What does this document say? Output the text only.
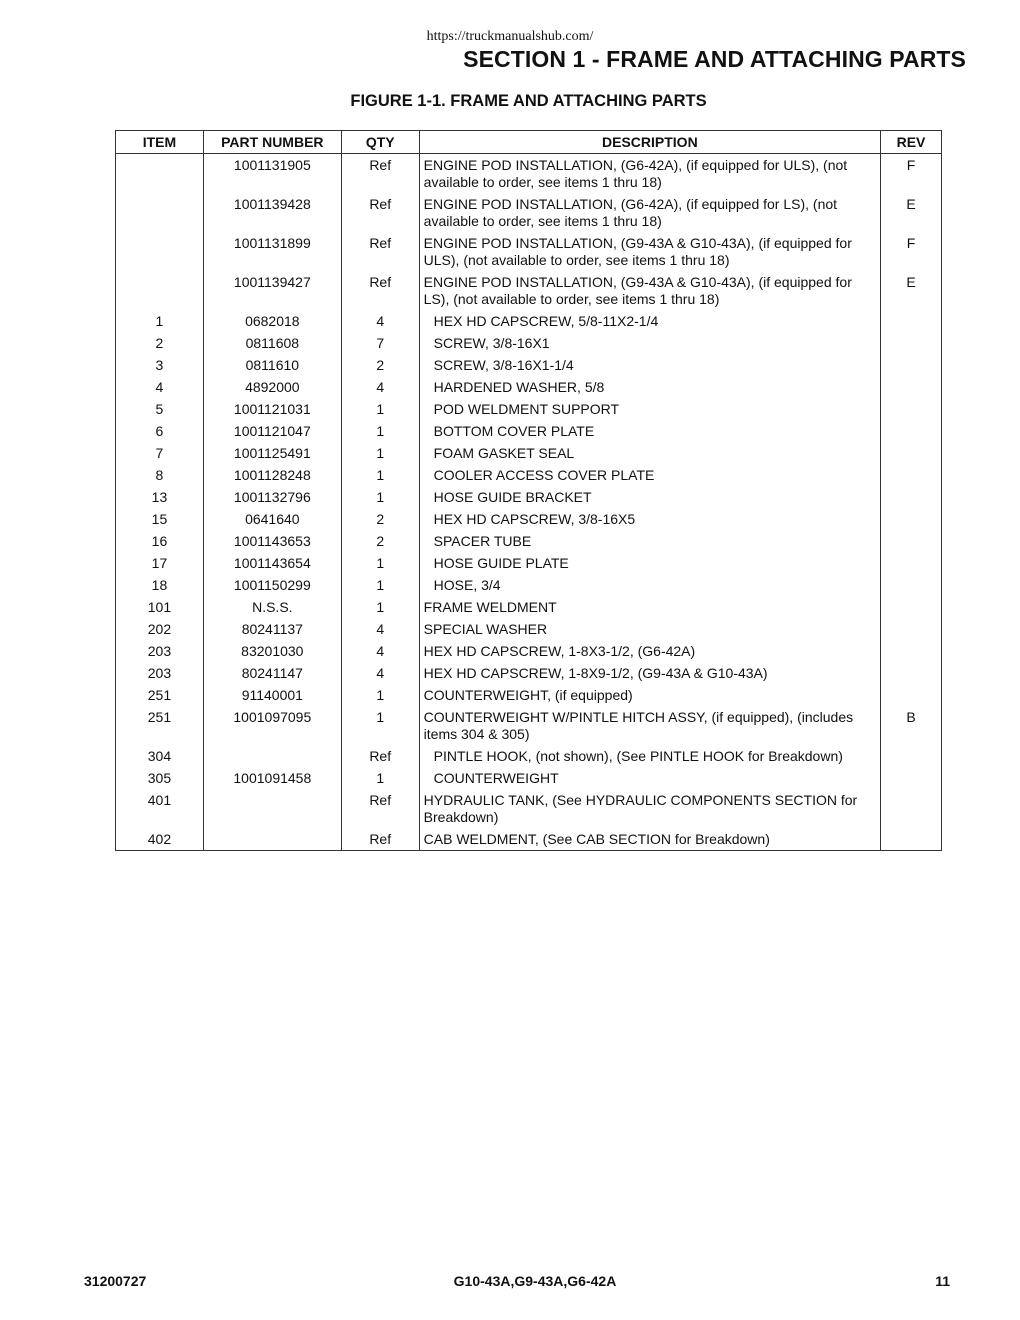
https://truckmanualshub.com/
SECTION 1 - FRAME AND ATTACHING PARTS
FIGURE 1-1. FRAME AND ATTACHING PARTS
ITEM	PART NUMBER	QTY	DESCRIPTION	REV
	1001131905	Ref	ENGINE POD INSTALLATION, (G6-42A), (if equipped for ULS), (not available to order, see items 1 thru 18)	F
	1001139428	Ref	ENGINE POD INSTALLATION, (G6-42A), (if equipped for LS), (not available to order, see items 1 thru 18)	E
	1001131899	Ref	ENGINE POD INSTALLATION, (G9-43A & G10-43A), (if equipped for ULS), (not available to order, see items 1 thru 18)	F
	1001139427	Ref	ENGINE POD INSTALLATION, (G9-43A & G10-43A), (if equipped for LS), (not available to order, see items 1 thru 18)	E
1	0682018	4	HEX HD CAPSCREW, 5/8-11X2-1/4	
2	0811608	7	SCREW, 3/8-16X1	
3	0811610	2	SCREW, 3/8-16X1-1/4	
4	4892000	4	HARDENED WASHER, 5/8	
5	1001121031	1	POD WELDMENT SUPPORT	
6	1001121047	1	BOTTOM COVER PLATE	
7	1001125491	1	FOAM GASKET SEAL	
8	1001128248	1	COOLER ACCESS COVER PLATE	
13	1001132796	1	HOSE GUIDE BRACKET	
15	0641640	2	HEX HD CAPSCREW, 3/8-16X5	
16	1001143653	2	SPACER TUBE	
17	1001143654	1	HOSE GUIDE PLATE	
18	1001150299	1	HOSE, 3/4	
101	N.S.S.	1	FRAME WELDMENT	
202	80241137	4	SPECIAL WASHER	
203	83201030	4	HEX HD CAPSCREW, 1-8X3-1/2, (G6-42A)	
203	80241147	4	HEX HD CAPSCREW, 1-8X9-1/2, (G9-43A & G10-43A)	
251	91140001	1	COUNTERWEIGHT, (if equipped)	
251	1001097095	1	COUNTERWEIGHT W/PINTLE HITCH ASSY, (if equipped), (includes items 304 & 305)	B
304		Ref	PINTLE HOOK, (not shown), (See PINTLE HOOK for Breakdown)	
305	1001091458	1	COUNTERWEIGHT	
401		Ref	HYDRAULIC TANK, (See HYDRAULIC COMPONENTS SECTION for Breakdown)	
402		Ref	CAB WELDMENT, (See CAB SECTION for Breakdown)	
31200727	G10-43A,G9-43A,G6-42A	11
